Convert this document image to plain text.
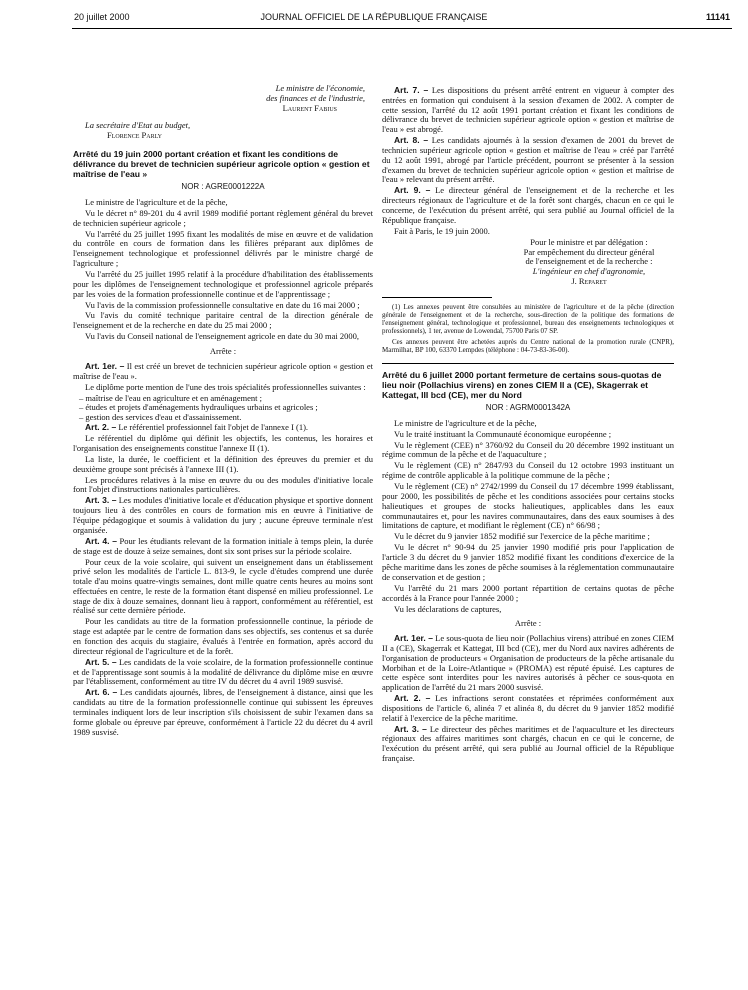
20 juillet 2000	JOURNAL OFFICIEL DE LA RÉPUBLIQUE FRANÇAISE	11141

Le ministre de l'économie,

des finances et de l'industrie,

Laurent Fabius

La secrétaire d'Etat au budget,

Florence Parly

Arrêté du 19 juin 2000 portant création et fixant les conditions de délivrance du brevet de technicien supérieur agricole option « gestion et maîtrise de l'eau »
NOR : AGRE0001222A

Le ministre de l'agriculture et de la pêche,

Vu le décret n° 89-201 du 4 avril 1989 modifié portant règlement général du brevet de technicien supérieur agricole ;

Vu l'arrêté du 25 juillet 1995 fixant les modalités de mise en œuvre et de validation du contrôle en cours de formation dans les filières préparant aux diplômes de l'enseignement technologique et professionnel délivrés par le ministre chargé de l'agriculture ;

Vu l'arrêté du 25 juillet 1995 relatif à la procédure d'habilitation des établissements pour les diplômes de l'enseignement technologique et professionnel agricole préparés par les voies de la formation professionnelle continue et de l'apprentissage ;

Vu l'avis de la commission professionnelle consultative en date du 16 mai 2000 ;

Vu l'avis du comité technique paritaire central de la direction générale de l'enseignement et de la recherche en date du 25 mai 2000 ;

Vu l'avis du Conseil national de l'enseignement agricole en date du 30 mai 2000,

Arrête :

Art. 1er. – Il est créé un brevet de technicien supérieur agricole option « gestion et maîtrise de l'eau ».

Le diplôme porte mention de l'une des trois spécialités professionnelles suivantes :

– maîtrise de l'eau en agriculture et en aménagement ;
– études et projets d'aménagements hydrauliques urbains et agricoles ;
– gestion des services d'eau et d'assainissement.

Art. 2. – Le référentiel professionnel fait l'objet de l'annexe I (1).

Le référentiel du diplôme qui définit les objectifs, les contenus, les horaires et l'organisation des enseignements constitue l'annexe II (1).

La liste, la durée, le coefficient et la définition des épreuves du premier et du deuxième groupe sont précisés à l'annexe III (1).

Les procédures relatives à la mise en œuvre du ou des modules d'initiative locale font l'objet d'instructions nationales particulières.

Art. 3. – Les modules d'initiative locale et d'éducation physique et sportive donnent toujours lieu à des contrôles en cours de formation mis en œuvre à l'initiative de l'équipe pédagogique et soumis à validation du jury ; aucune épreuve terminale n'est organisée.

Art. 4. – Pour les étudiants relevant de la formation initiale à temps plein, la durée de stage est de douze à seize semaines, dont six sont prises sur la période scolaire.

Pour ceux de la voie scolaire, qui suivent un enseignement dans un établissement privé selon les modalités de l'article L. 813-9, le cycle d'études comprend une durée totale d'au moins quatre-vingts semaines, dont mille quatre cents heures au moins sont effectuées en centre, le reste de la formation étant dispensé en milieu professionnel. Le stage de dix à douze semaines, donnant lieu à rapport, conformément au référentiel, est réalisé sur cette dernière période.

Pour les candidats au titre de la formation professionnelle continue, la période de stage est adaptée par le centre de formation dans ses objectifs, ses contenus et sa durée en fonction des acquis du stagiaire, évalués à l'entrée en formation, après accord du directeur régional de l'agriculture et de la forêt.

Art. 5. – Les candidats de la voie scolaire, de la formation professionnelle continue et de l'apprentissage sont soumis à la modalité de délivrance du diplôme mise en œuvre par l'établissement, conformément au titre IV du décret du 4 avril 1989 susvisé.

Art. 6. – Les candidats ajournés, libres, de l'enseignement à distance, ainsi que les candidats au titre de la formation professionnelle continue qui subissent les épreuves terminales indiquent lors de leur inscription s'ils choisissent de subir l'examen dans sa forme globale ou épreuve par épreuve, conformément à l'article 22 du décret du 4 avril 1989 susvisé.

Art. 7. – Les dispositions du présent arrêté entrent en vigueur à compter des entrées en formation qui conduisent à la session d'examen de 2002. A compter de cette session, l'arrêté du 12 août 1991 portant création et fixant les conditions de délivrance du brevet de technicien supérieur agricole option « gestion et maîtrise de l'eau » est abrogé.

Art. 8. – Les candidats ajournés à la session d'examen de 2001 du brevet de technicien supérieur agricole option « gestion et maîtrise de l'eau » créé par l'arrêté du 12 août 1991, abrogé par l'article précédent, pourront se présenter à la session d'examen du brevet de technicien supérieur agricole option « gestion et maîtrise de l'eau » relevant du présent arrêté.

Art. 9. – Le directeur général de l'enseignement et de la recherche et les directeurs régionaux de l'agriculture et de la forêt sont chargés, chacun en ce qui le concerne, de l'exécution du présent arrêté, qui sera publié au Journal officiel de la République française.

Fait à Paris, le 19 juin 2000.

Pour le ministre et par délégation :

Par empêchement du directeur général

de l'enseignement et de la recherche :

L'ingénieur en chef d'agronomie,

J. Reparet

(1) Les annexes peuvent être consultées au ministère de l'agriculture et de la pêche (direction générale de l'enseignement et de la recherche, sous-direction de la politique des formations de l'enseignement général, technologique et professionnel, bureau des enseignements technologiques et professionnels), 1 ter, avenue de Lowendal, 75700 Paris 07 SP.

Ces annexes peuvent être achetées auprès du Centre national de la promotion rurale (CNPR), Marmilhat, BP 100, 63370 Lempdes (téléphone : 04-73-83-36-00).

Arrêté du 6 juillet 2000 portant fermeture de certains sous-quotas de lieu noir (Pollachius virens) en zones CIEM II a (CE), Skagerrak et Kattegat, III bcd (CE), mer du Nord
NOR : AGRM0001342A

Le ministre de l'agriculture et de la pêche,

Vu le traité instituant la Communauté économique européenne ;

Vu le règlement (CEE) n° 3760/92 du Conseil du 20 décembre 1992 instituant un régime commun de la pêche et de l'aquaculture ;

Vu le règlement (CE) n° 2847/93 du Conseil du 12 octobre 1993 instituant un régime de contrôle applicable à la politique commune de la pêche ;

Vu le règlement (CE) n° 2742/1999 du Conseil du 17 décembre 1999 établissant, pour 2000, les possibilités de pêche et les conditions associées pour certains stocks halieutiques et groupes de stocks halieutiques, applicables dans les eaux communautaires et, pour les navires communautaires, dans des eaux soumises à des limitations de capture, et modifiant le règlement (CE) n° 66/98 ;

Vu le décret du 9 janvier 1852 modifié sur l'exercice de la pêche maritime ;

Vu le décret n° 90-94 du 25 janvier 1990 modifié pris pour l'application de l'article 3 du décret du 9 janvier 1852 modifié fixant les conditions d'exercice de la pêche maritime dans les zones de pêche soumises à la réglementation communautaire de conservation et de gestion ;

Vu l'arrêté du 21 mars 2000 portant répartition de certains quotas de pêche accordés à la France pour l'année 2000 ;

Vu les déclarations de captures,

Arrête :

Art. 1er. – Le sous-quota de lieu noir (Pollachius virens) attribué en zones CIEM II a (CE), Skagerrak et Kattegat, III bcd (CE), mer du Nord aux navires adhérents de l'organisation de producteurs « Organisation de producteurs de la pêche artisanale du Morbihan et de la Loire-Atlantique » (PROMA) est réputé épuisé. Les captures de cette espèce sont interdites pour les navires autorisés à pêcher ce sous-quota en application de l'arrêté du 21 mars 2000 susvisé.

Art. 2. – Les infractions seront constatées et réprimées conformément aux dispositions de l'article 6, alinéa 7 et alinéa 8, du décret du 9 janvier 1852 modifié relatif à l'exercice de la pêche maritime.

Art. 3. – Le directeur des pêches maritimes et de l'aquaculture et les directeurs régionaux des affaires maritimes sont chargés, chacun en ce qui le concerne, de l'exécution du présent arrêté, qui sera publié au Journal officiel de la République française.
